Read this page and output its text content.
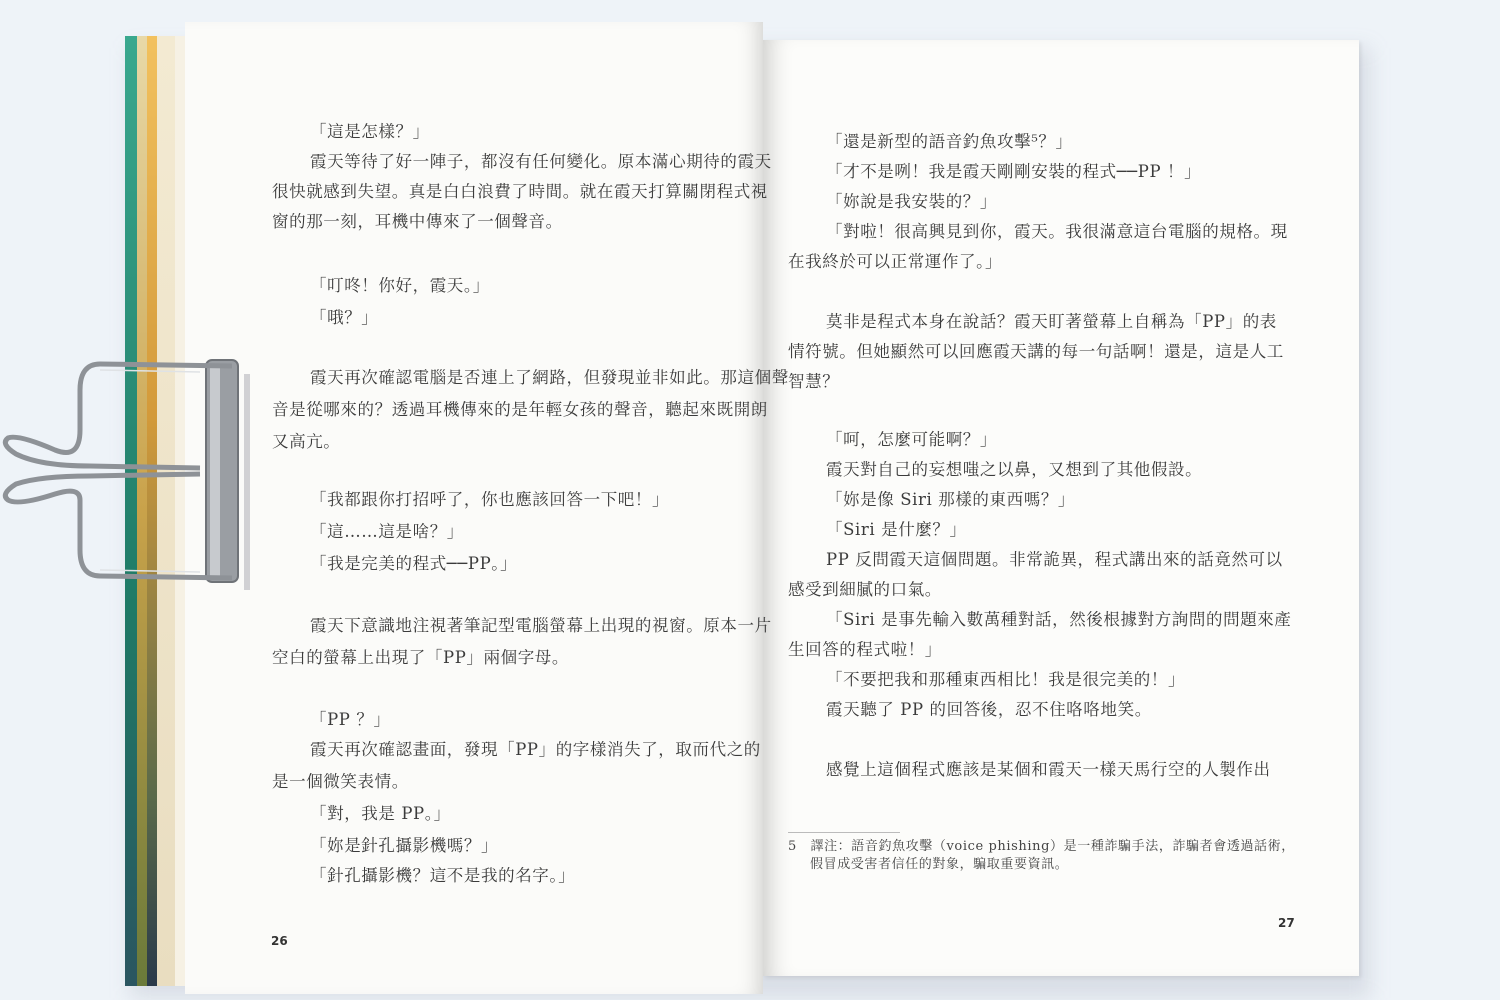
「這是怎樣？」
霞天等待了好一陣子，都沒有任何變化。原本滿心期待的霞天
很快就感到失望。真是白白浪費了時間。就在霞天打算關閉程式視
窗的那一刻，耳機中傳來了一個聲音。
「叮咚！你好，霞天。」
「哦？」
霞天再次確認電腦是否連上了網路，但發現並非如此。那這個聲
音是從哪來的？透過耳機傳來的是年輕女孩的聲音，聽起來既開朗
又高亢。
「我都跟你打招呼了，你也應該回答一下吧！」
「這……這是啥？」
「我是完美的程式──PP。」
霞天下意識地注視著筆記型電腦螢幕上出現的視窗。原本一片
空白的螢幕上出現了「PP」兩個字母。
「PP ？」
霞天再次確認畫面，發現「PP」的字樣消失了，取而代之的
是一個微笑表情。
「對，我是 PP。」
「妳是針孔攝影機嗎？」
「針孔攝影機？這不是我的名字。」
26
「還是新型的語音釣魚攻擊⁵？」
「才不是咧！我是霞天剛剛安裝的程式──PP ！」
「妳說是我安裝的？」
「對啦！很高興見到你，霞天。我很滿意這台電腦的規格。現
在我終於可以正常運作了。」
莫非是程式本身在說話？霞天盯著螢幕上自稱為「PP」的表
情符號。但她顯然可以回應霞天講的每一句話啊！還是，這是人工
智慧？
「呵，怎麼可能啊？」
霞天對自己的妄想嗤之以鼻，又想到了其他假設。
「妳是像 Siri 那樣的東西嗎？」
「Siri 是什麼？」
PP 反問霞天這個問題。非常詭異，程式講出來的話竟然可以
感受到細膩的口氣。
「Siri 是事先輸入數萬種對話，然後根據對方詢問的問題來產
生回答的程式啦！」
「不要把我和那種東西相比！我是很完美的！」
霞天聽了 PP 的回答後，忍不住咯咯地笑。
感覺上這個程式應該是某個和霞天一樣天馬行空的人製作出
5　譯注：語音釣魚攻擊（voice phishing）是一種詐騙手法，詐騙者會透過話術，
假冒成受害者信任的對象，騙取重要資訊。
27
